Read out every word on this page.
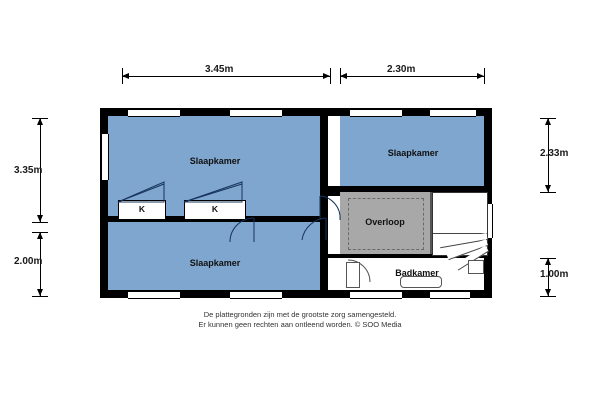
3.45m	2.30m
3.35m
2.00m
2.33m
1.00m
K	K
Slaapkamer
Slaapkamer
Slaapkamer
Overloop
Badkamer
De plattegronden zijn met de grootste zorg samengesteld.
Er kunnen geen rechten aan ontleend worden. © SOO Media
